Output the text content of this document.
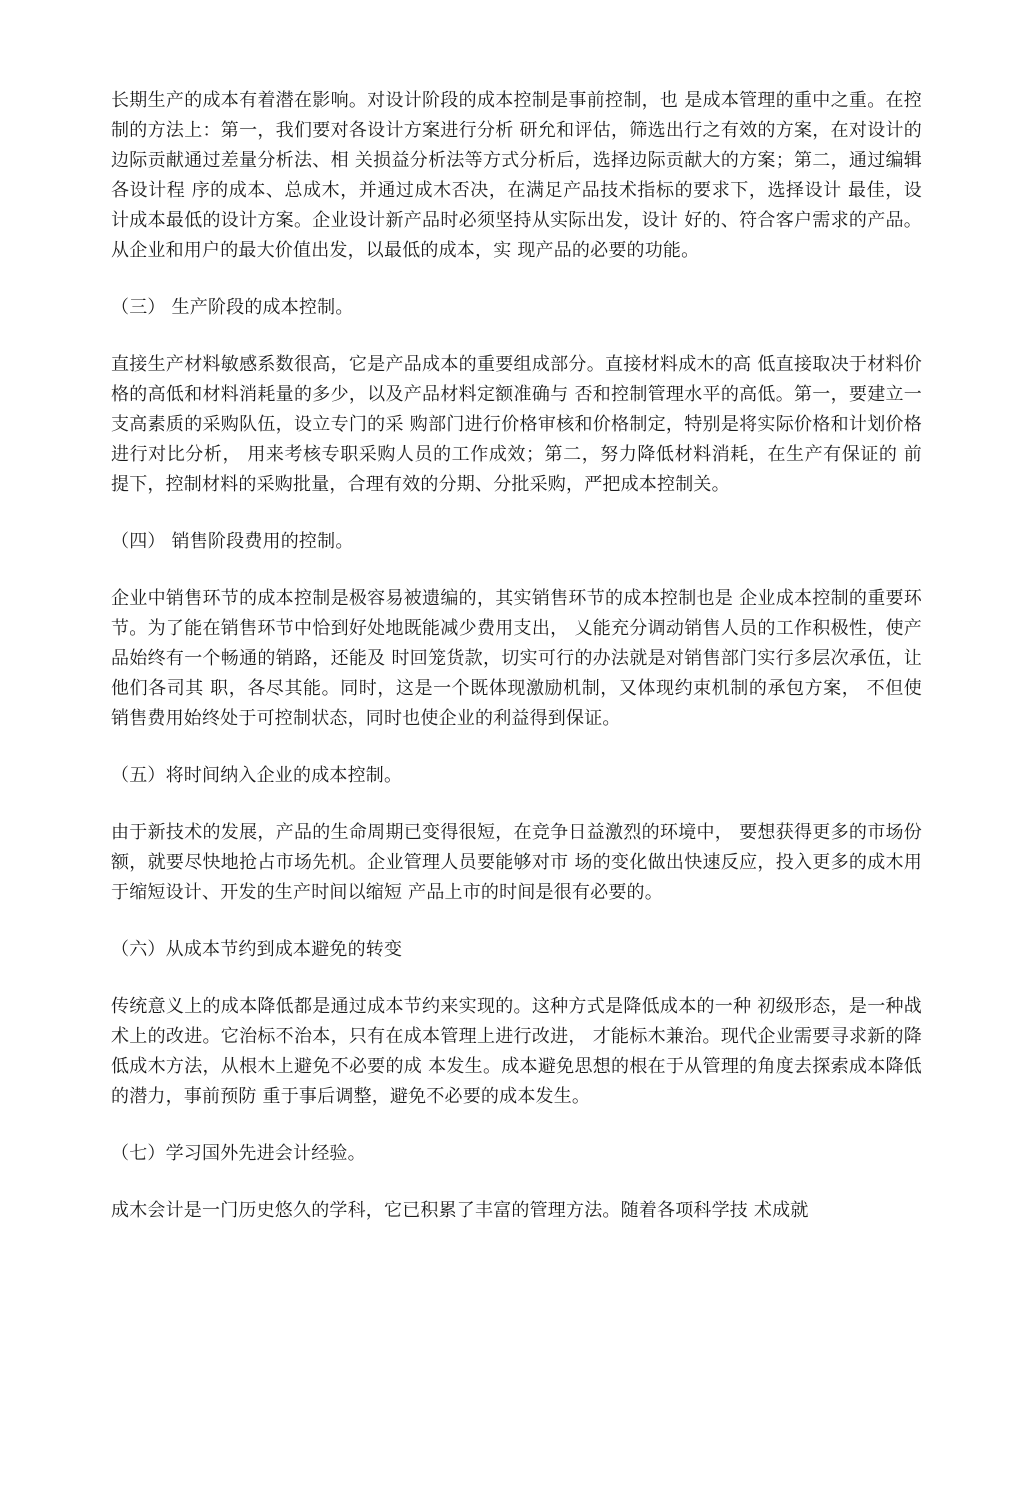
长期生产的成本有着潜在影响。对设计阶段的成本控制是事前控制，也 是成本管理的重中之重。在控制的方法上：第一，我们要对各设计方案进行分析 研允和评估，筛选出行之有效的方案，在对设计的边际贡献通过差量分析法、相 关损益分析法等方式分析后，选择边际贡献大的方案；第二，通过编辑各设计程 序的成本、总成木，并通过成木否决，在满足产品技术指标的要求下，选择设计 最佳，设计成本最低的设计方案。企业设计新产品时必须坚持从实际出发，设计 好的、符合客户需求的产品。从企业和用户的最大价值出发，以最低的成本，实 现产品的必要的功能。

（三） 生产阶段的成本控制。

直接生产材料敏感系数很高，它是产品成本的重要组成部分。直接材料成木的高 低直接取决于材料价格的高低和材料消耗量的多少，以及产品材料定额准确与 否和控制管理水平的高低。第一，要建立一支高素质的采购队伍，设立专门的采 购部门进行价格审核和价格制定，特别是将实际价格和计划价格进行对比分析， 用来考核专职采购人员的工作成效；第二，努力降低材料消耗，在生产有保证的 前提下，控制材料的采购批量，合理有效的分期、分批采购，严把成本控制关。

（四） 销售阶段费用的控制。

企业中销售环节的成本控制是极容易被遗编的，其实销售环节的成本控制也是 企业成本控制的重要环节。为了能在销售环节中恰到好处地既能减少费用支出， 乂能充分调动销售人员的工作积极性，使产品始终有一个畅通的销路，还能及 时回笼货款，切实可行的办法就是对销售部门实行多层次承伍，让他们各司其 职，各尽其能。同时，这是一个既体现激励机制，又体现约束机制的承包方案， 不但使销售费用始终处于可控制状态，同时也使企业的利益得到保证。

（五）将时间纳入企业的成本控制。

由于新技术的发展，产品的生命周期已变得很短，在竞争日益激烈的环境中， 要想获得更多的市场份额，就要尽快地抢占市场先机。企业管理人员要能够对市 场的变化做出快速反应，投入更多的成木用于缩短设计、开发的生产时间以缩短 产品上市的时间是很有必要的。

（六）从成本节约到成本避免的转变

传统意义上的成本降低都是通过成本节约来实现的。这种方式是降低成本的一种 初级形态，是一种战术上的改进。它治标不治本，只有在成本管理上进行改进， 才能标木兼治。现代企业需要寻求新的降低成木方法，从根木上避免不必要的成 本发生。成本避免思想的根在于从管理的角度去探索成本降低的潜力，事前预防 重于事后调整，避免不必要的成本发生。

（七）学习国外先进会计经验。

成木会计是一门历史悠久的学科，它已积累了丰富的管理方法。随着各项科学技 术成就
